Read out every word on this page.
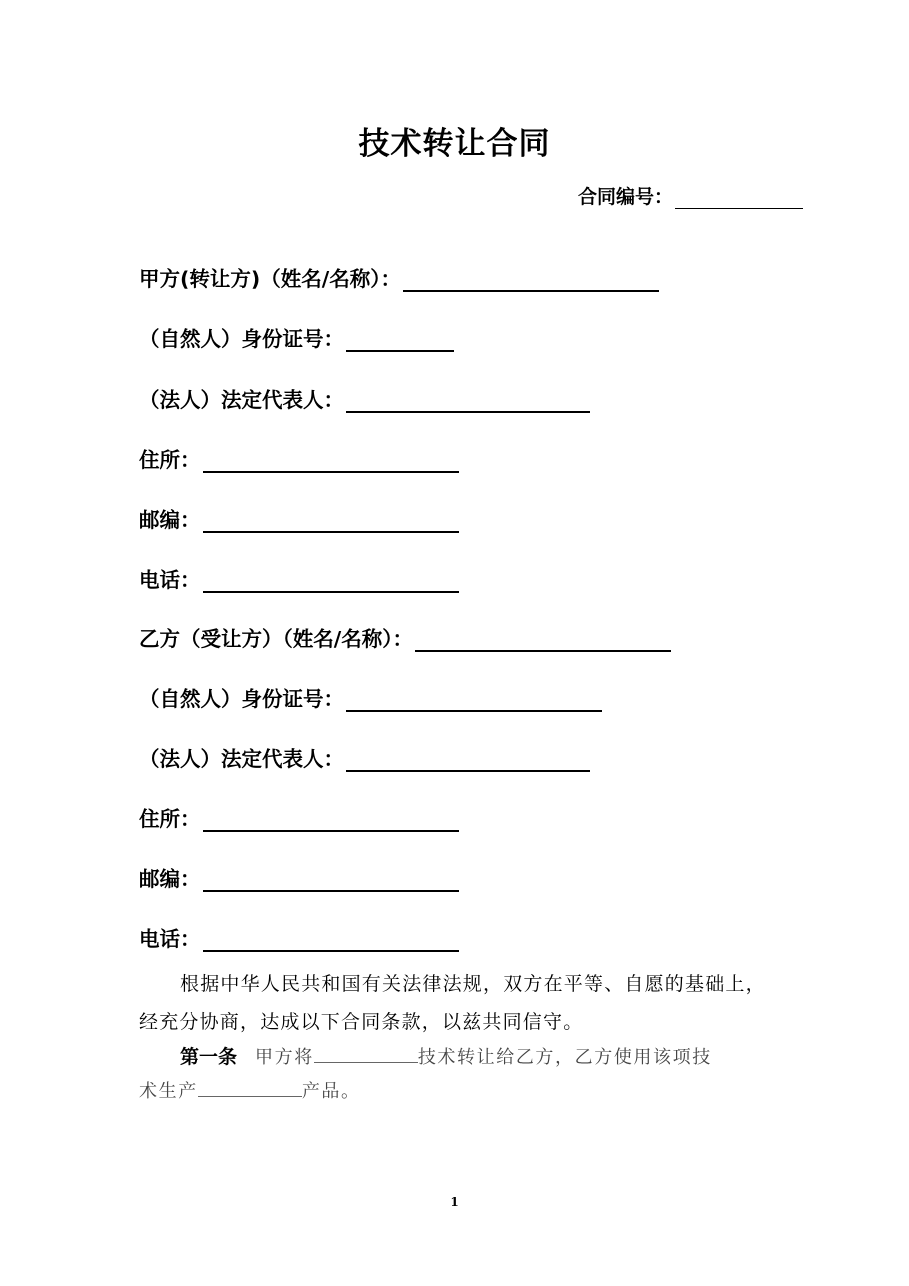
技术转让合同
合同编号：
甲方(转让方)（姓名/名称）：
（自然人）身份证号：
（法人）法定代表人：
住所：
邮编：
电话：
乙方（受让方）（姓名/名称）：
（自然人）身份证号：
（法人）法定代表人：
住所：
邮编：
电话：
根据中华人民共和国有关法律法规，双方在平等、自愿的基础上，
经充分协商，达成以下合同条款，以兹共同信守。
第一条 甲方将	技术转让给乙方，乙方使用该项技
术生产	产品。
1
